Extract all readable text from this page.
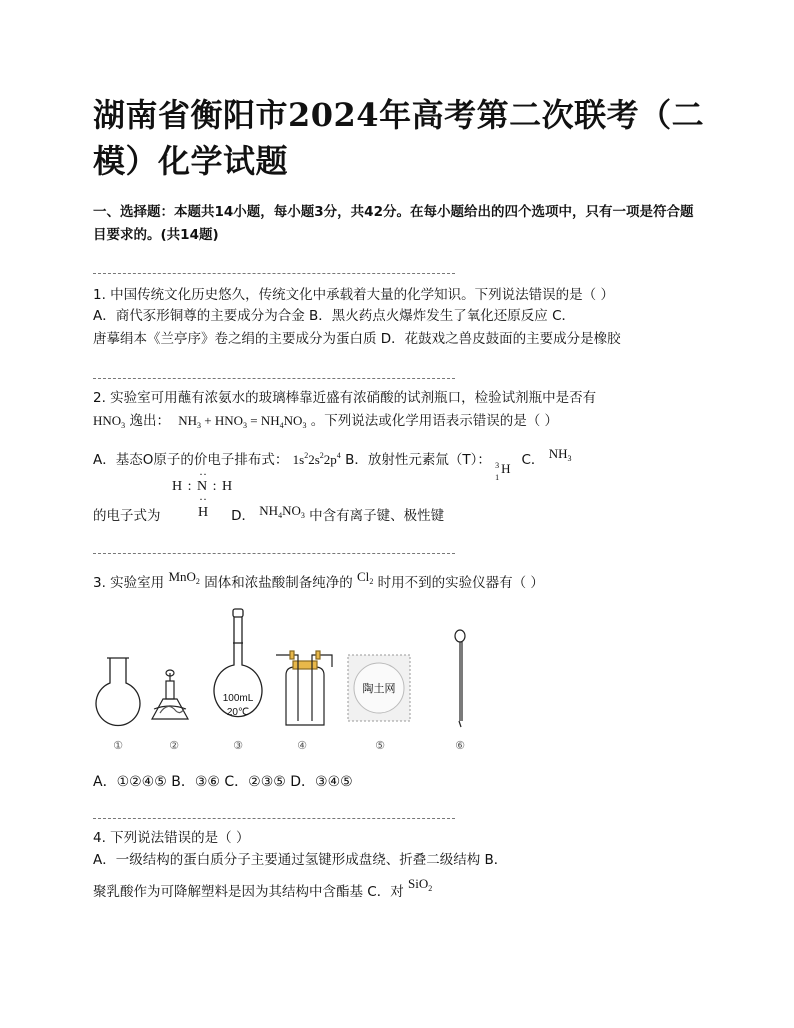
湖南省衡阳市2024年高考第二次联考（二模）化学试题
一、选择题：本题共14小题，每小题3分，共42分。在每小题给出的四个选项中，只有一项是符合题目要求的。(共14题)
1. 中国传统文化历史悠久，传统文化中承载着大量的化学知识。下列说法错误的是（ ）
A．商代豕形铜尊的主要成分为合金 B．黑火药点火爆炸发生了氧化还原反应 C．
唐摹绢本《兰亭序》卷之绢的主要成分为蛋白质 D．花鼓戏之兽皮鼓面的主要成分是橡胶
2. 实验室可用蘸有浓氨水的玻璃棒靠近盛有浓硝酸的试剂瓶口，检验试剂瓶中是否有
$HNO_3$ 逸出： $NH_3 + HNO_3 = NH_4NO_3$ 。下列说法或化学用语表示错误的是（ ）
A．基态O原子的价电子排布式： $1s^22s^22p^4$ B．放射性元素氚（T）： 3
1
H
C． $NH_3$
··
H : N : H
··
H
的电子式为	D． $NH_4NO_3$ 中含有离子键、极性键
3. 实验室用 MnO$_2$ 固体和浓盐酸制备纯净的 $Cl_2$ 时用不到的实验仪器有（ ）
100mL
20℃
陶土网
①	②	③	④	⑤	⑥
A．①②④⑤ B．③⑥ C．②③⑤ D．③④⑤
4. 下列说法错误的是（ ）
A．一级结构的蛋白质分子主要通过氢键形成盘绕、折叠二级结构 B．
聚乳酸作为可降解塑料是因为其结构中含酯基 C．对 SiO$_2$
